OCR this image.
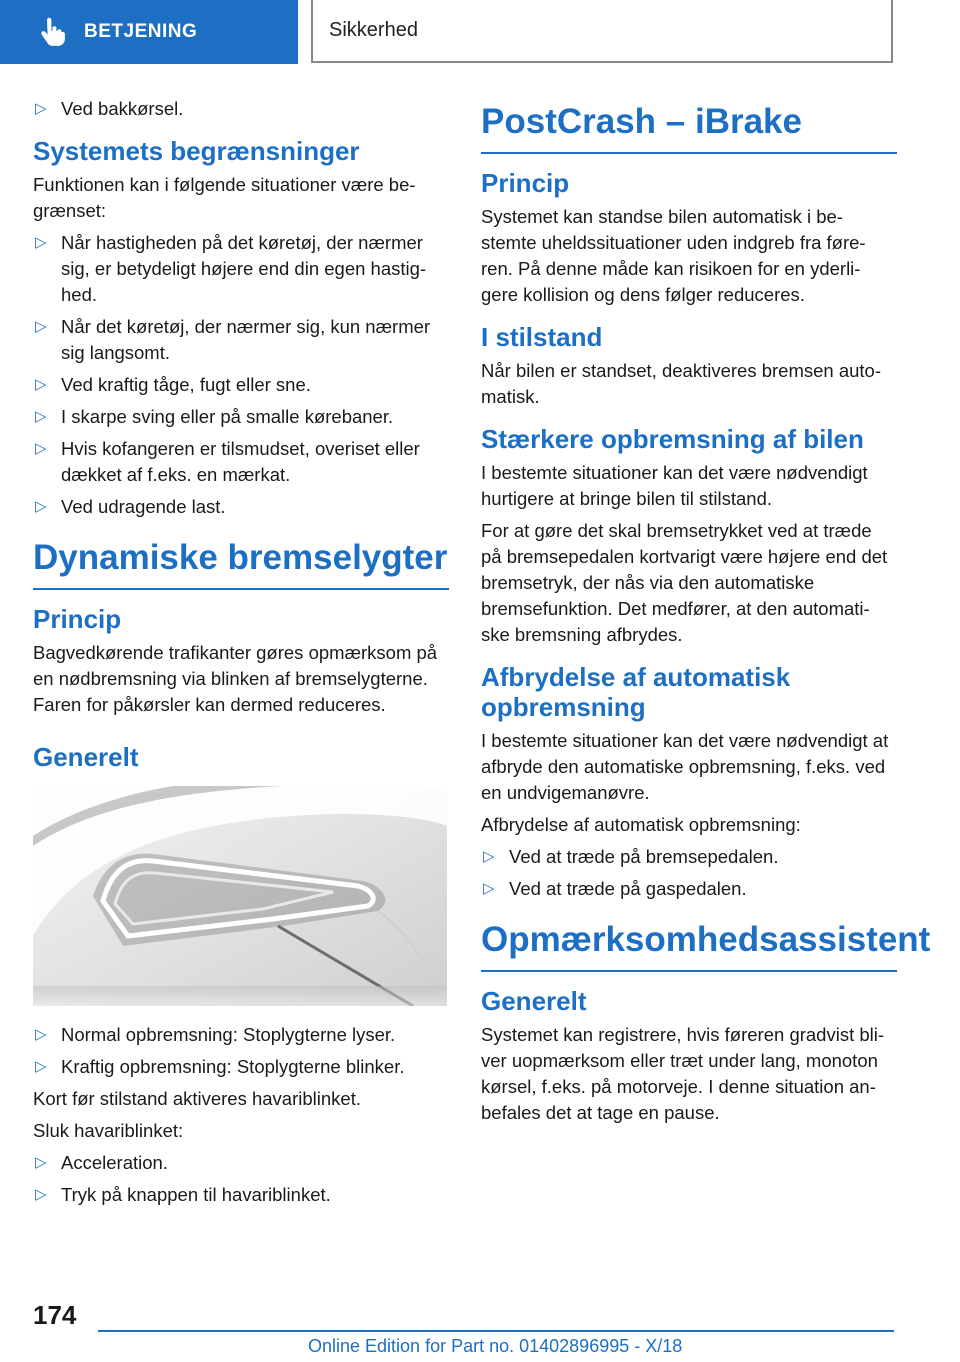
BETJENING	Sikkerhed
▷ Ved bakkørsel.
Systemets begrænsninger

Funktionen kan i følgende situationer være be-grænset:

▷ Når hastigheden på det køretøj, der nærmer sig, er betydeligt højere end din egen hastig-hed.
▷ Når det køretøj, der nærmer sig, kun nærmer sig langsomt.
▷ Ved kraftig tåge, fugt eller sne.
▷ I skarpe sving eller på smalle kørebaner.
▷ Hvis kofangeren er tilsmudset, overiset eller dækket af f.eks. en mærkat.
▷ Ved udragende last.
Dynamiske bremselygter
Princip

Bagvedkørende trafikanter gøres opmærksom på en nødbremsning via blinken af bremselygterne. Faren for påkørsler kan dermed reduceres.

Generelt
▷ Normal opbremsning: Stoplygterne lyser.
▷ Kraftig opbremsning: Stoplygterne blinker.

Kort før stilstand aktiveres havariblinket.

Sluk havariblinket:

▷ Acceleration.
▷ Tryk på knappen til havariblinket.
PostCrash – iBrake
Princip

Systemet kan standse bilen automatisk i be-stemte uheldssituationer uden indgreb fra føre-ren. På denne måde kan risikoen for en yderli-gere kollision og dens følger reduceres.

I stilstand

Når bilen er standset, deaktiveres bremsen auto-matisk.

Stærkere opbremsning af bilen

I bestemte situationer kan det være nødvendigt hurtigere at bringe bilen til stilstand.

For at gøre det skal bremsetrykket ved at træde på bremsepedalen kortvarigt være højere end det bremsetryk, der nås via den automatiske bremsefunktion. Det medfører, at den automati-ske bremsning afbrydes.

Afbrydelse af automatisk opbremsning

I bestemte situationer kan det være nødvendigt at afbryde den automatiske opbremsning, f.eks. ved en undvigemanøvre.

Afbrydelse af automatisk opbremsning:

▷ Ved at træde på bremsepedalen.
▷ Ved at træde på gaspedalen.
Opmærksomhedsassistent
Generelt

Systemet kan registrere, hvis føreren gradvist bli-ver uopmærksom eller træt under lang, monoton kørsel, f.eks. på motorveje. I denne situation an-befales det at tage en pause.

174
Online Edition for Part no. 01402896995 - X/18
